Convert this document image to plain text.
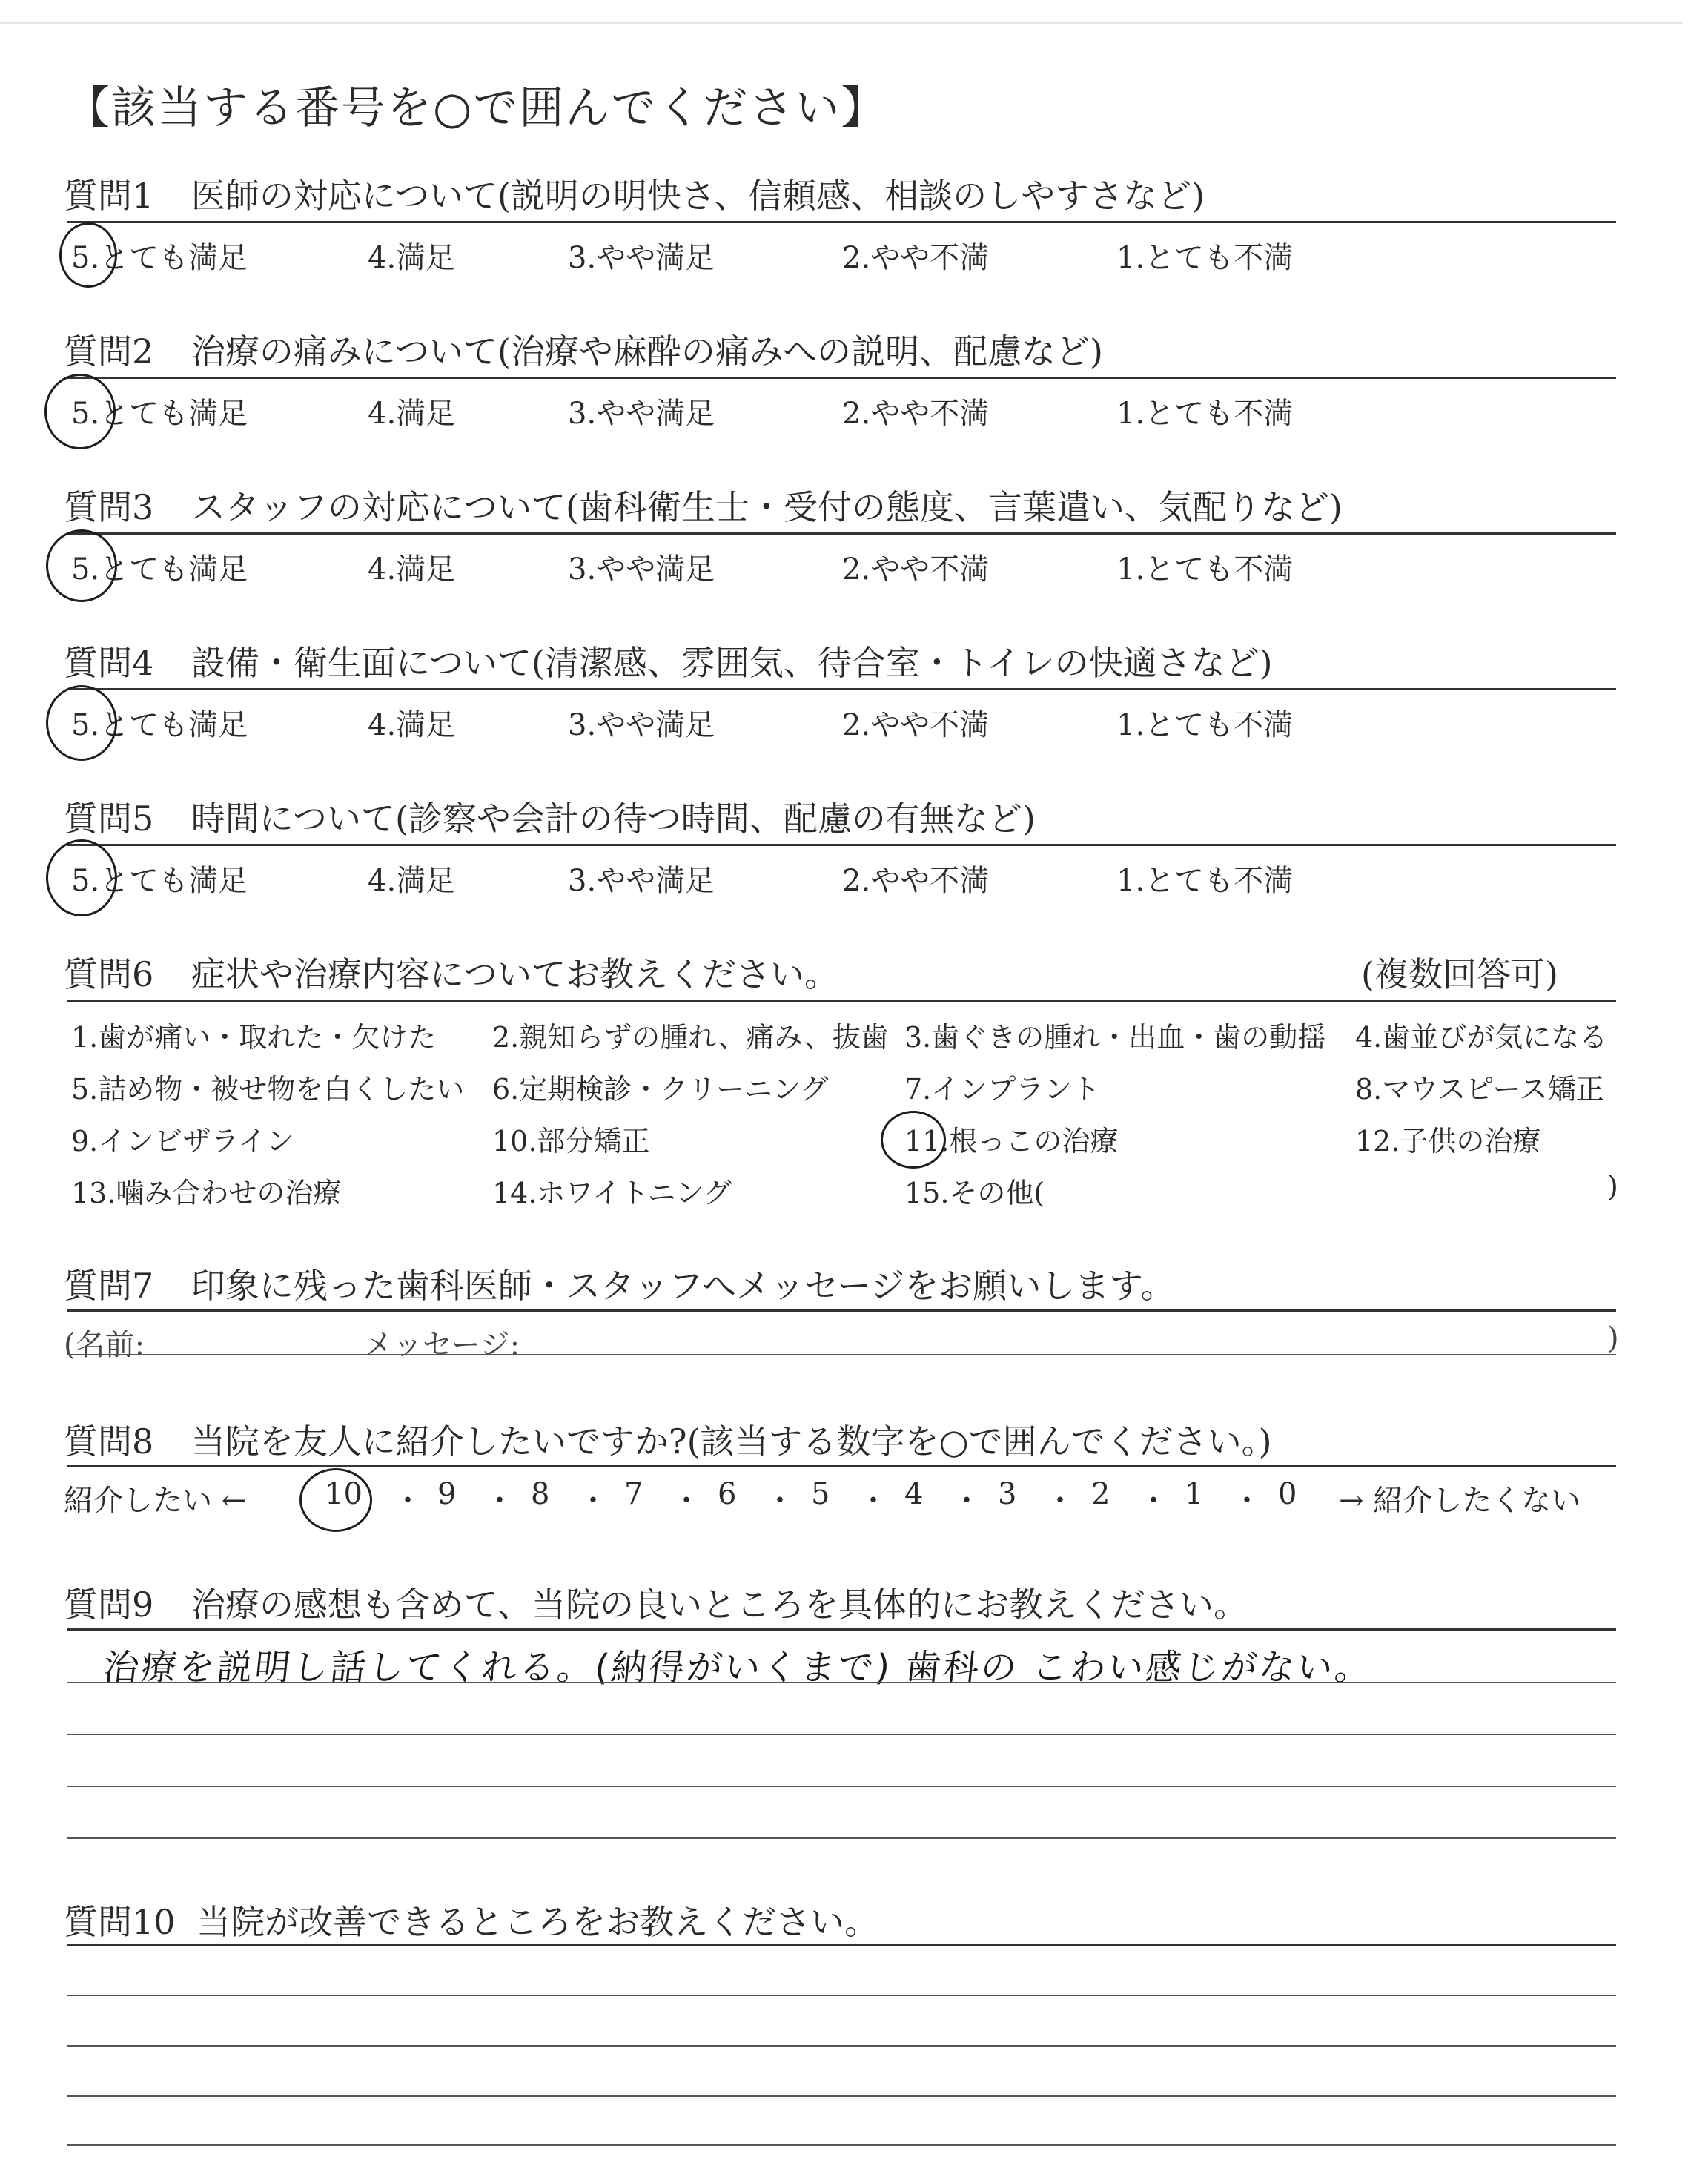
【該当する番号を○で囲んでください】
質問1 医師の対応について(説明の明快さ、信頼感、相談のしやすさなど)
5.とても満足	4.満足	3.やや満足	2.やや不満	1.とても不満
質問2 治療の痛みについて(治療や麻酔の痛みへの説明、配慮など)
5.とても満足	4.満足	3.やや満足	2.やや不満	1.とても不満
質問3 スタッフの対応について(歯科衛生士・受付の態度、言葉遣い、気配りなど)
5.とても満足	4.満足	3.やや満足	2.やや不満	1.とても不満
質問4 設備・衛生面について(清潔感、雰囲気、待合室・トイレの快適さなど)
5.とても満足	4.満足	3.やや満足	2.やや不満	1.とても不満
質問5 時間について(診察や会計の待つ時間、配慮の有無など)
5.とても満足	4.満足	3.やや満足	2.やや不満	1.とても不満
質問6 症状や治療内容についてお教えください。	(複数回答可)
1.歯が痛い・取れた・欠けた 2.親知らずの腫れ、痛み、抜歯 3.歯ぐきの腫れ・出血・歯の動揺 4.歯並びが気になる
5.詰め物・被せ物を白くしたい 6.定期検診・クリーニング	7.インプラント	8.マウスピース矯正
9.インビザライン	10.部分矯正	11.根っこの治療	12.子供の治療
13.噛み合わせの治療	14.ホワイトニング	15.その他(	)
質問7 印象に残った歯科医師・スタッフへメッセージをお願いします。
(名前:	メッセージ:	)
質問8 当院を友人に紹介したいですか?(該当する数字を○で囲んでください。)
紹介したい ←	→ 紹介したくない
10 ・ 9 ・ 8 ・ 7 ・ 6 ・ 5 ・ 4 ・ 3 ・ 2 ・ 1 ・ 0
質問9 治療の感想も含めて、当院の良いところを具体的にお教えください。
治療を説明し話してくれる。(納得がいくまで) 歯科の こわい感じがない。
質問10 当院が改善できるところをお教えください。
